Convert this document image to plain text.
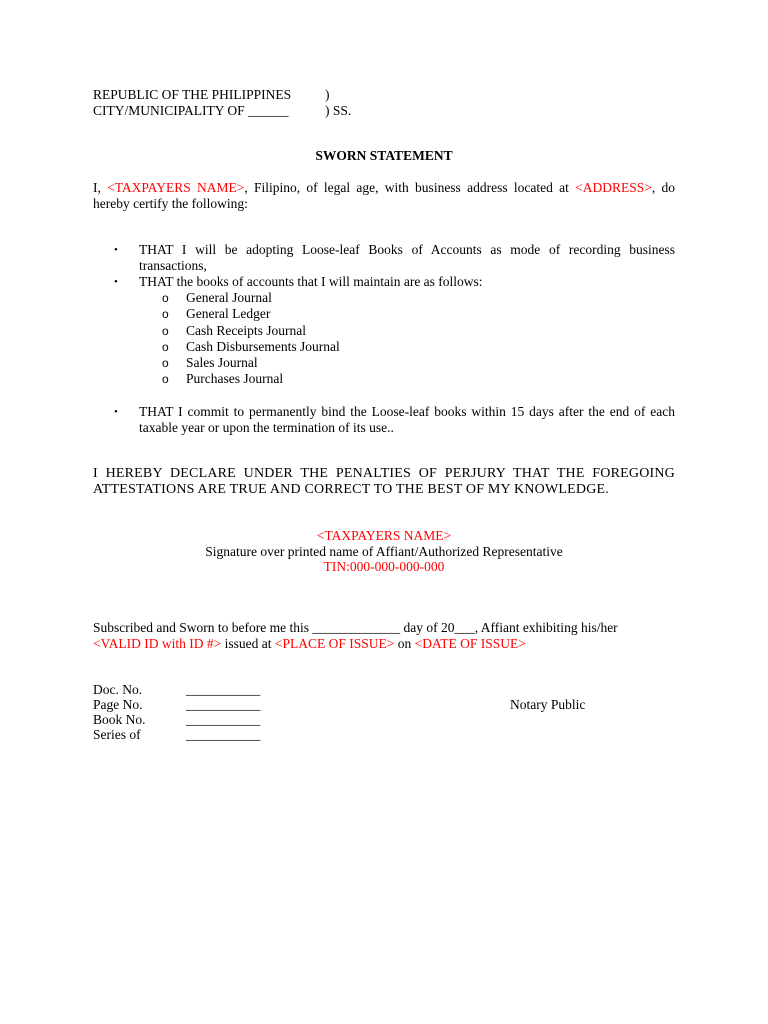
REPUBLIC OF THE PHILIPPINES	)
CITY/MUNICIPALITY OF ______	) SS.
SWORN STATEMENT
I, <TAXPAYERS NAME>, Filipino, of legal age, with business address located at <ADDRESS>, do hereby certify the following:
• THAT I will be adopting Loose-leaf Books of Accounts as mode of recording business transactions,
• THAT the books of accounts that I will maintain are as follows:
o General Journal
o General Ledger
o Cash Receipts Journal
o Cash Disbursements Journal
o Sales Journal
o Purchases Journal
• THAT I commit to permanently bind the Loose-leaf books within 15 days after the end of each taxable year or upon the termination of its use..
I HEREBY DECLARE UNDER THE PENALTIES OF PERJURY THAT THE FOREGOING
ATTESTATIONS ARE TRUE AND CORRECT TO THE BEST OF MY KNOWLEDGE.
<TAXPAYERS NAME>
Signature over printed name of Affiant/Authorized Representative
TIN:000-000-000-000
Subscribed and Sworn to before me this _____________ day of 20___, Affiant exhibiting his/her
<VALID ID with ID #> issued at <PLACE OF ISSUE> on <DATE OF ISSUE>
Doc. No.	___________
Page No.	___________
Book No.	___________
Series of	___________
Notary Public
